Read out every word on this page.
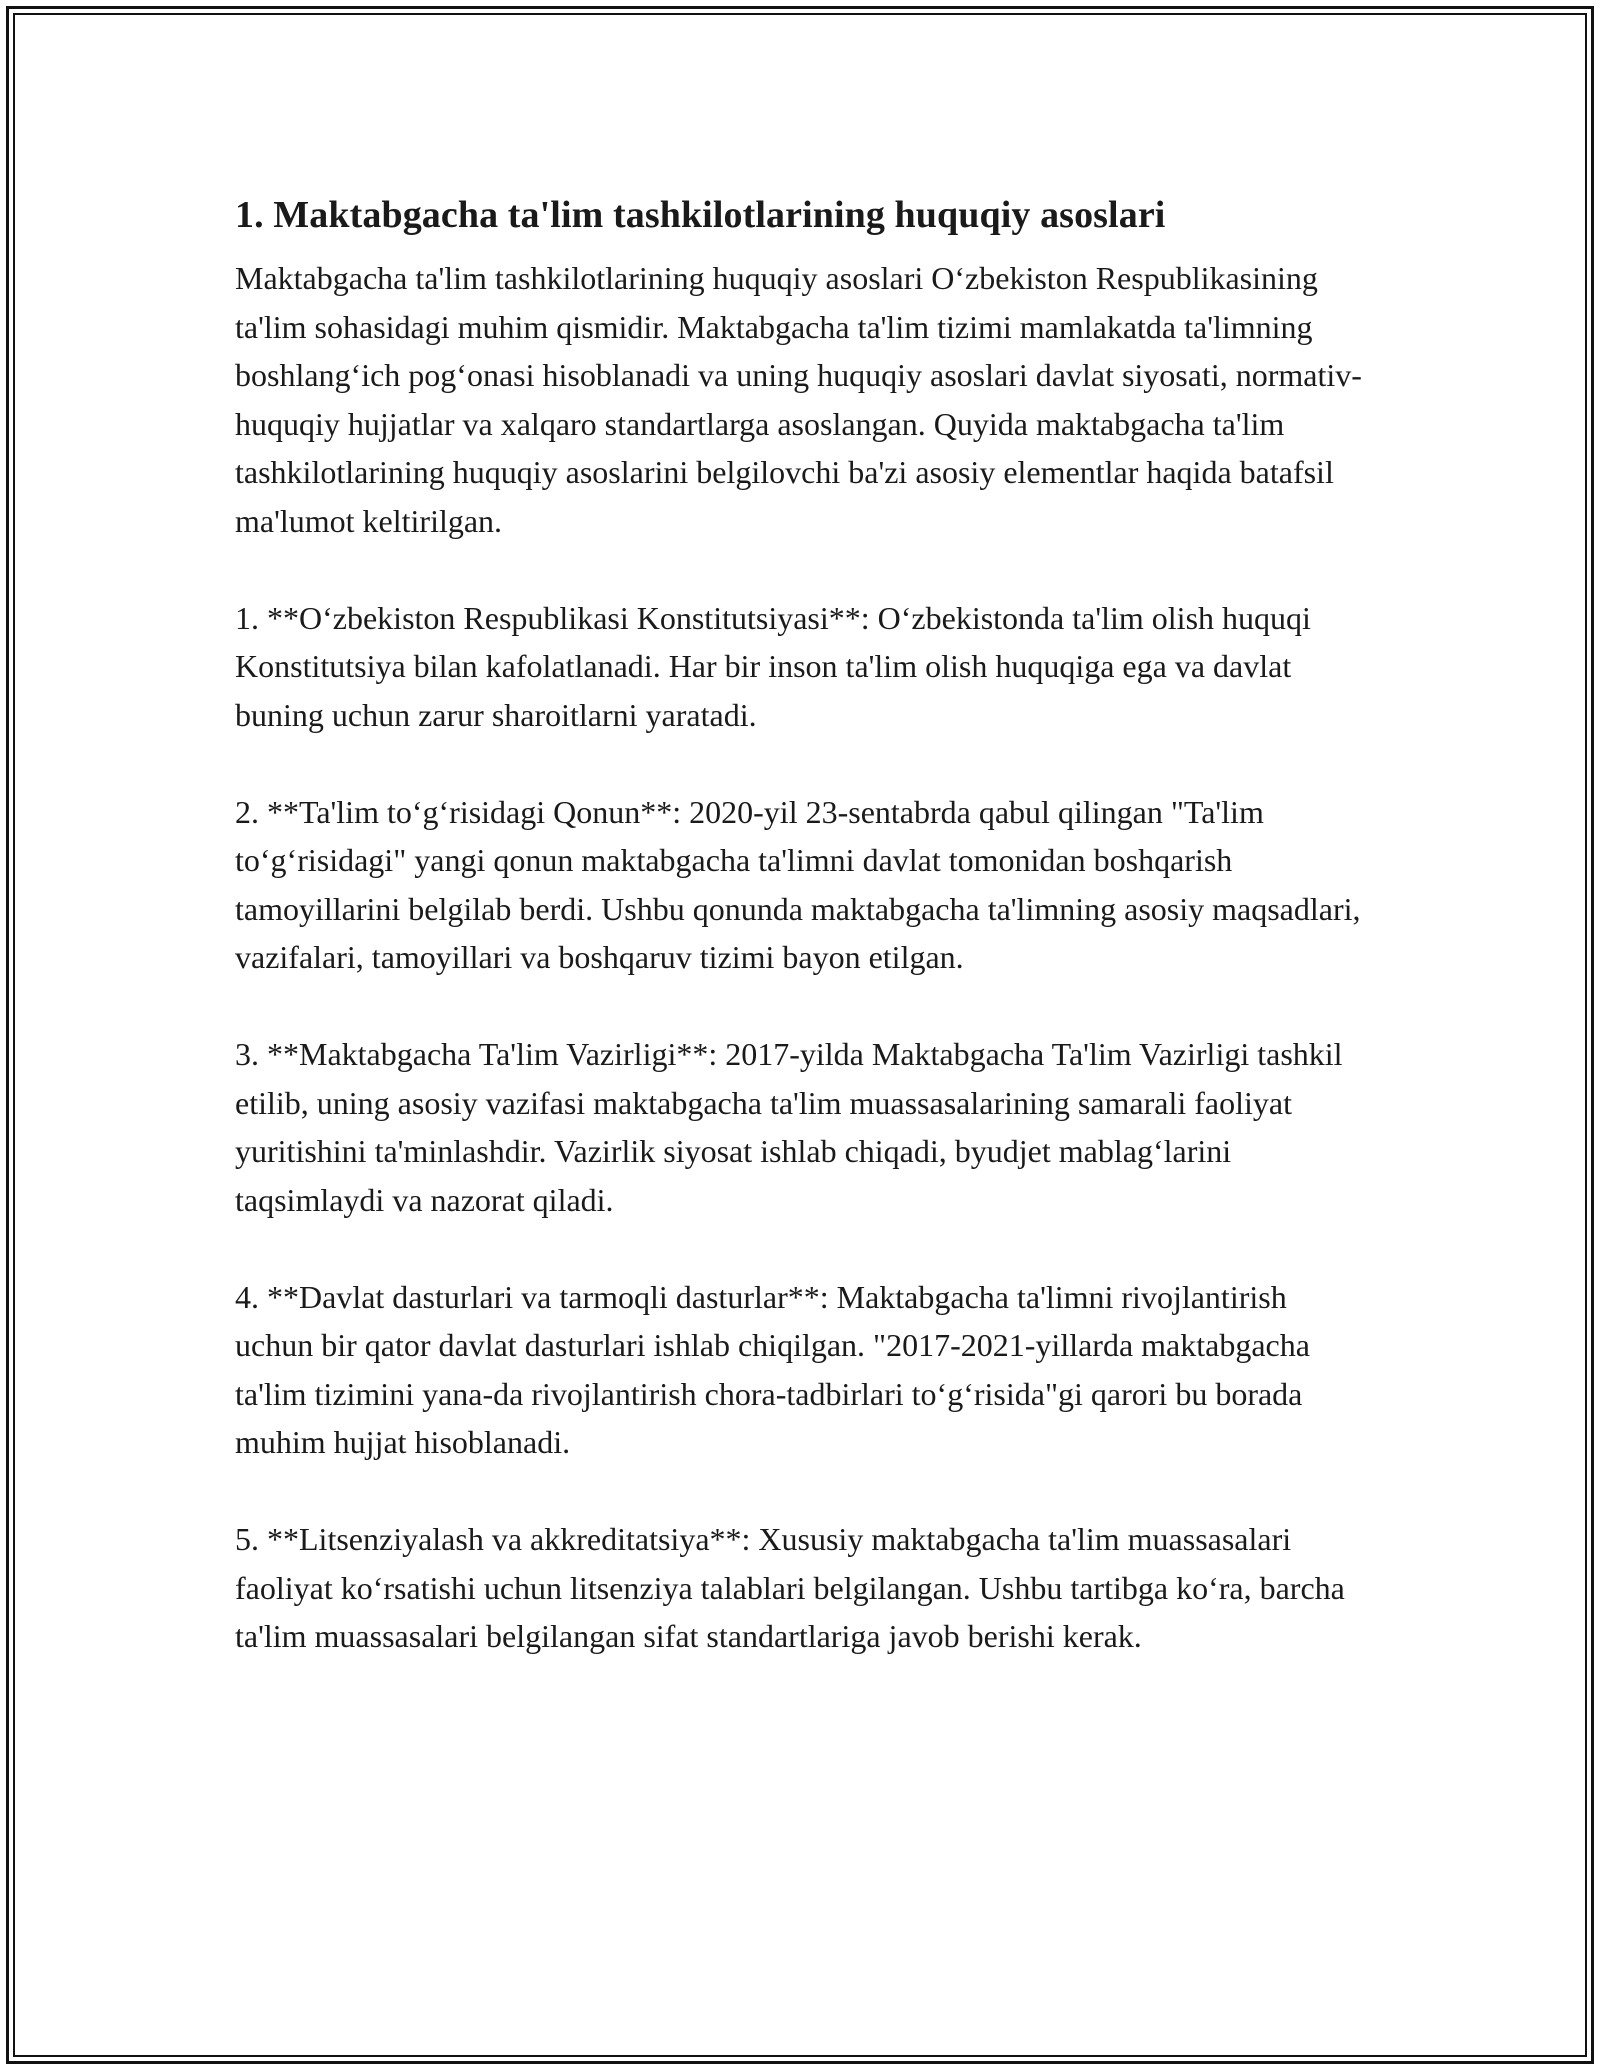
1. Maktabgacha ta'lim tashkilotlarining huquqiy asoslari

Maktabgacha ta'lim tashkilotlarining huquqiy asoslari O‘zbekiston Respublikasining ta'lim sohasidagi muhim qismidir. Maktabgacha ta'lim tizimi mamlakatda ta'limning boshlang‘ich pog‘onasi hisoblanadi va uning huquqiy asoslari davlat siyosati, normativ-huquqiy hujjatlar va xalqaro standartlarga asoslangan. Quyida maktabgacha ta'lim tashkilotlarining huquqiy asoslarini belgilovchi ba'zi asosiy elementlar haqida batafsil ma'lumot keltirilgan.

1. **O‘zbekiston Respublikasi Konstitutsiyasi**: O‘zbekistonda ta'lim olish huquqi Konstitutsiya bilan kafolatlanadi. Har bir inson ta'lim olish huquqiga ega va davlat buning uchun zarur sharoitlarni yaratadi.

2. **Ta'lim to‘g‘risidagi Qonun**: 2020-yil 23-sentabrda qabul qilingan "Ta'lim to‘g‘risidagi" yangi qonun maktabgacha ta'limni davlat tomonidan boshqarish tamoyillarini belgilab berdi. Ushbu qonunda maktabgacha ta'limning asosiy maqsadlari, vazifalari, tamoyillari va boshqaruv tizimi bayon etilgan.

3. **Maktabgacha Ta'lim Vazirligi**: 2017-yilda Maktabgacha Ta'lim Vazirligi tashkil etilib, uning asosiy vazifasi maktabgacha ta'lim muassasalarining samarali faoliyat yuritishini ta'minlashdir. Vazirlik siyosat ishlab chiqadi, byudjet mablag‘larini taqsimlaydi va nazorat qiladi.

4. **Davlat dasturlari va tarmoqli dasturlar**: Maktabgacha ta'limni rivojlantirish uchun bir qator davlat dasturlari ishlab chiqilgan. "2017-2021-yillarda maktabgacha ta'lim tizimini yana-da rivojlantirish chora-tadbirlari to‘g‘risida"gi qarori bu borada muhim hujjat hisoblanadi.

5. **Litsenziyalash va akkreditatsiya**: Xususiy maktabgacha ta'lim muassasalari faoliyat ko‘rsatishi uchun litsenziya talablari belgilangan. Ushbu tartibga ko‘ra, barcha ta'lim muassasalari belgilangan sifat standartlariga javob berishi kerak.
